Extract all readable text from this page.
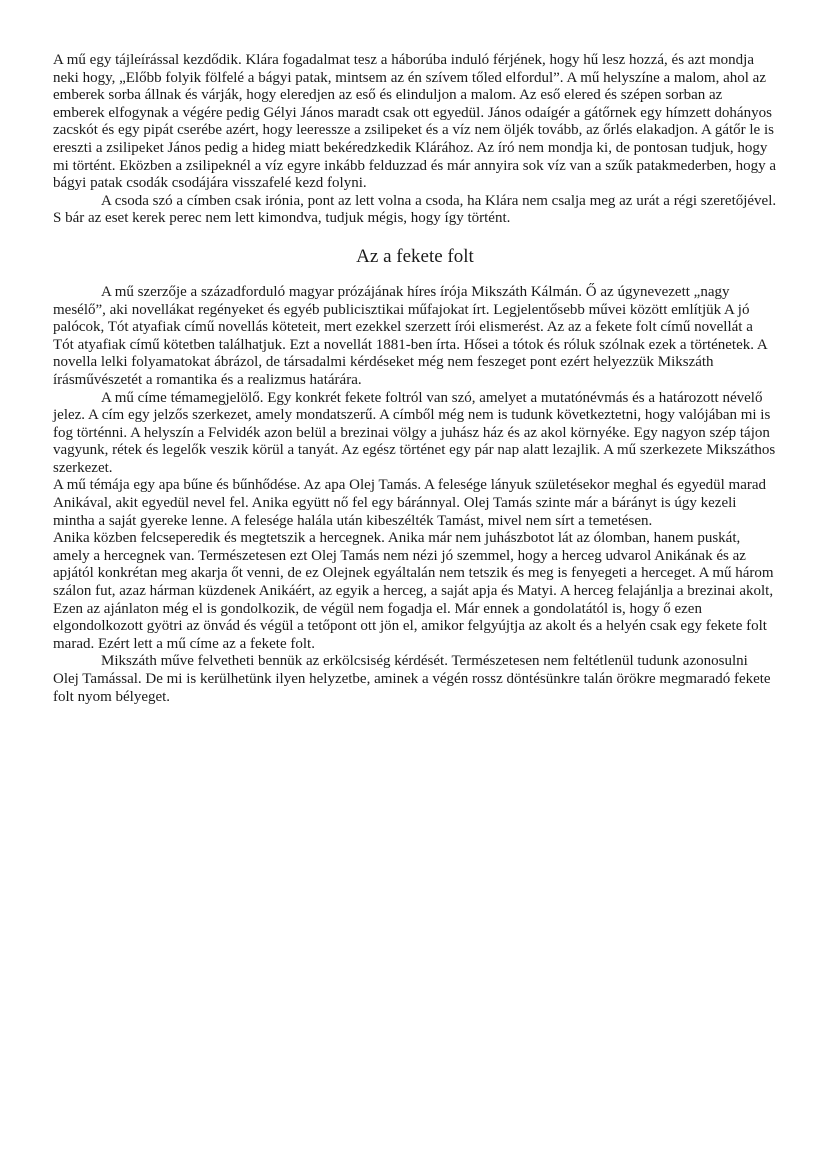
A mű egy tájleírással kezdődik. Klára fogadalmat tesz a háborúba induló férjének, hogy hű lesz hozzá, és azt mondja neki hogy, „Előbb folyik fölfelé a bágyi patak, mintsem az én szívem tőled elfordul”. A mű helyszíne a malom, ahol az emberek sorba állnak és várják, hogy eleredjen az eső és elinduljon a malom. Az eső elered és szépen sorban az emberek elfogynak a végére pedig Gélyi János maradt csak ott egyedül. János odaígér a gátőrnek egy hímzett dohányos zacskót és egy pipát cserébe azért, hogy leeressze a zsilipeket és a víz nem öljék tovább, az őrlés elakadjon. A gátőr le is ereszti a zsilipeket János pedig a hideg miatt bekéredzkedik Klárához. Az író nem mondja ki, de pontosan tudjuk, hogy mi történt. Eközben a zsilipeknél a víz egyre inkább felduzzad és már annyira sok víz van a szűk patakmederben, hogy a bágyi patak csodák csodájára visszafelé kezd folyni.

A csoda szó a címben csak irónia, pont az lett volna a csoda, ha Klára nem csalja meg az urát a régi szeretőjével. S bár az eset kerek perec nem lett kimondva, tudjuk mégis, hogy így történt.

Az a fekete folt

A mű szerzője a századforduló magyar prózájának híres írója Mikszáth Kálmán. Ő az úgynevezett „nagy mesélő”, aki novellákat regényeket és egyéb publicisztikai műfajokat írt. Legjelentősebb művei között említjük A jó palócok, Tót atyafiak című novellás köteteit, mert ezekkel szerzett írói elismerést. Az az a fekete folt című novellát a Tót atyafiak című kötetben találhatjuk. Ezt a novellát 1881-ben írta. Hősei a tótok és róluk szólnak ezek a történetek. A novella lelki folyamatokat ábrázol, de társadalmi kérdéseket még nem feszeget pont ezért helyezzük Mikszáth írásművészetét a romantika és a realizmus határára.

A mű címe témamegjelölő. Egy konkrét fekete foltról van szó, amelyet a mutatónévmás és a határozott névelő jelez. A cím egy jelzős szerkezet, amely mondatszerű. A címből még nem is tudunk következtetni, hogy valójában mi is fog történni. A helyszín a Felvidék azon belül a brezinai völgy a juhász ház és az akol környéke. Egy nagyon szép tájon vagyunk, rétek és legelők veszik körül a tanyát. Az egész történet egy pár nap alatt lezajlik. A mű szerkezete Mikszáthos szerkezet.

A mű témája egy apa bűne és bűnhődése. Az apa Olej Tamás. A felesége lányuk születésekor meghal és egyedül marad Anikával, akit egyedül nevel fel. Anika együtt nő fel egy báránnyal. Olej Tamás szinte már a bárányt is úgy kezeli mintha a saját gyereke lenne. A felesége halála után kibeszélték Tamást, mivel nem sírt a temetésen.

Anika közben felcseperedik és megtetszik a hercegnek. Anika már nem juhászbotot lát az ólomban, hanem puskát, amely a hercegnek van. Természetesen ezt Olej Tamás nem nézi jó szemmel, hogy a herceg udvarol Anikának és az apjától konkrétan meg akarja őt venni, de ez Olejnek egyáltalán nem tetszik és meg is fenyegeti a herceget. A mű három szálon fut, azaz hárman küzdenek Anikáért, az egyik a herceg, a saját apja és Matyi. A herceg felajánlja a brezinai akolt, Ezen az ajánlaton még el is gondolkozik, de végül nem fogadja el. Már ennek a gondolatától is, hogy ő ezen elgondolkozott gyötri az önvád és végül a tetőpont ott jön el, amikor felgyújtja az akolt és a helyén csak egy fekete folt marad. Ezért lett a mű címe az a fekete folt.

Mikszáth műve felvetheti bennük az erkölcsiség kérdését. Természetesen nem feltétlenül tudunk azonosulni Olej Tamással. De mi is kerülhetünk ilyen helyzetbe, aminek a végén rossz döntésünkre talán örökre megmaradó fekete folt nyom bélyeget.
